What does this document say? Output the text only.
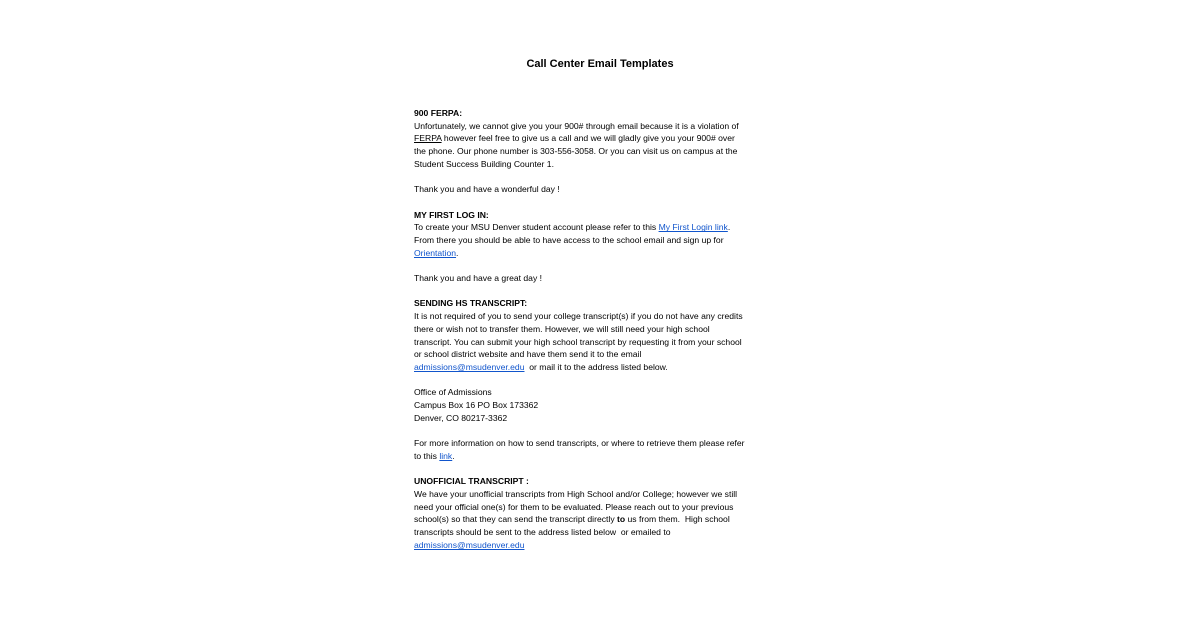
Call Center Email Templates

900 FERPA:

Unfortunately, we cannot give you your 900# through email because it is a violation of

FERPA however feel free to give us a call and we will gladly give you your 900# over

the phone. Our phone number is 303-556-3058. Or you can visit us on campus at the

Student Success Building Counter 1.

Thank you and have a wonderful day !

MY FIRST LOG IN:

To create your MSU Denver student account please refer to this My First Login link.

From there you should be able to have access to the school email and sign up for

Orientation.

Thank you and have a great day !

SENDING HS TRANSCRIPT:

It is not required of you to send your college transcript(s) if you do not have any credits

there or wish not to transfer them. However, we will still need your high school

transcript. You can submit your high school transcript by requesting it from your school

or school district website and have them send it to the email

admissions@msudenver.edu  or mail it to the address listed below.

Office of Admissions

Campus Box 16 PO Box 173362

Denver, CO 80217-3362

For more information on how to send transcripts, or where to retrieve them please refer

to this link.

UNOFFICIAL TRANSCRIPT :

We have your unofficial transcripts from High School and/or College; however we still

need your official one(s) for them to be evaluated. Please reach out to your previous

school(s) so that they can send the transcript directly to us from them.  High school

transcripts should be sent to the address listed below  or emailed to

admissions@msudenver.edu
